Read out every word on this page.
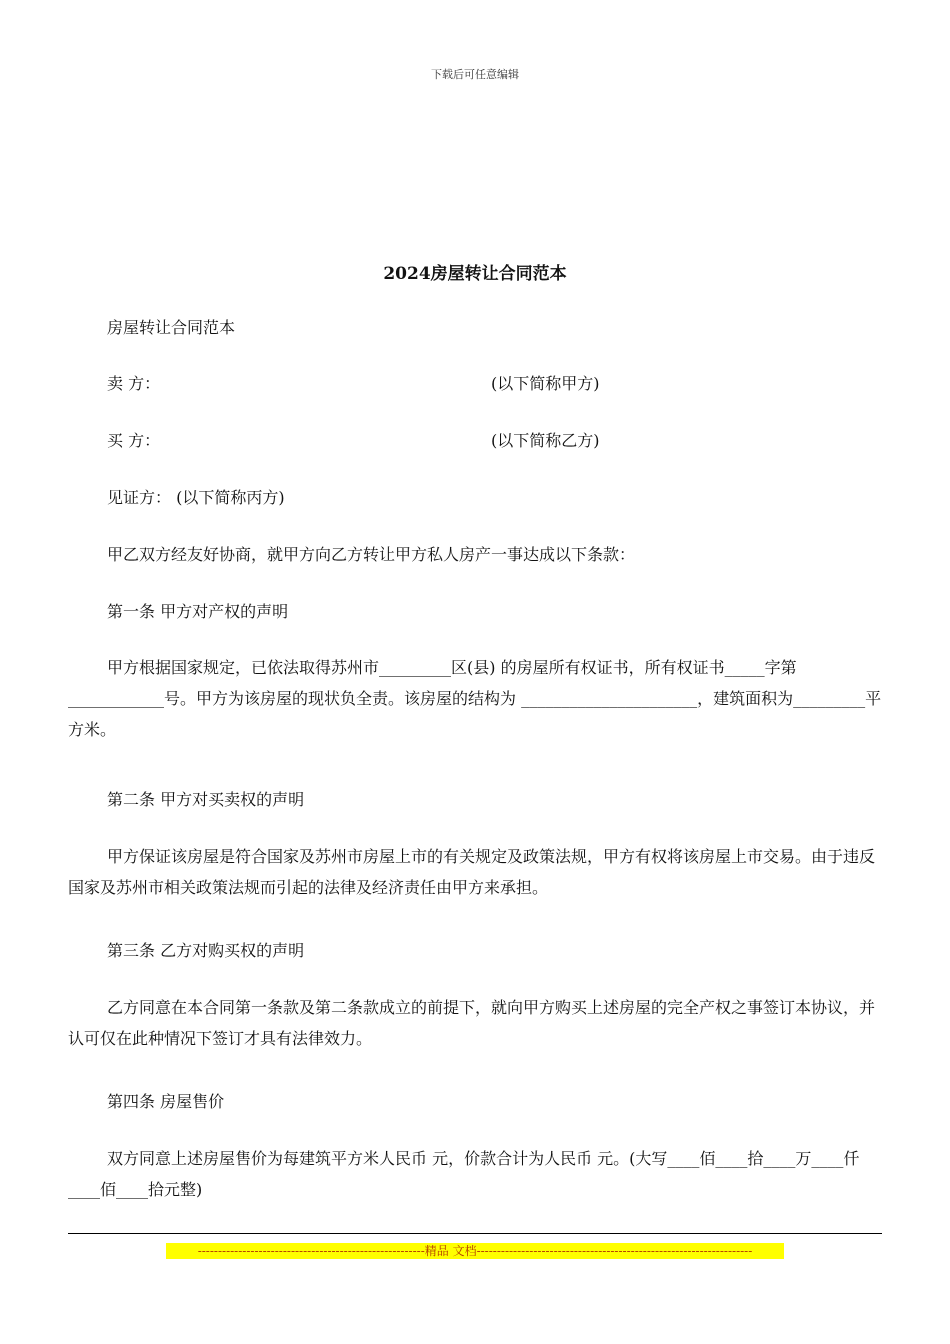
下载后可任意编辑
2024房屋转让合同范本
房屋转让合同范本
卖 方：	(以下简称甲方)
买 方：	(以下简称乙方)
见证方： (以下简称丙方)
甲乙双方经友好协商，就甲方向乙方转让甲方私人房产一事达成以下条款：
第一条 甲方对产权的声明
甲方根据国家规定，已依法取得苏州市_________区(县) 的房屋所有权证书，所有权证书_____字第____________号。甲方为该房屋的现状负全责。该房屋的结构为 ______________________，建筑面积为_________平方米。
第二条 甲方对买卖权的声明
甲方保证该房屋是符合国家及苏州市房屋上市的有关规定及政策法规，甲方有权将该房屋上市交易。由于违反国家及苏州市相关政策法规而引起的法律及经济责任由甲方来承担。
第三条 乙方对购买权的声明
乙方同意在本合同第一条款及第二条款成立的前提下，就向甲方购买上述房屋的完全产权之事签订本协议，并认可仅在此种情况下签订才具有法律效力。
第四条 房屋售价
双方同意上述房屋售价为每建筑平方米人民币 元，价款合计为人民币 元。(大写____佰____拾____万____仟____佰____拾元整)
--------------------------------------------------------精品 文档--------------------------------------------------------------------
